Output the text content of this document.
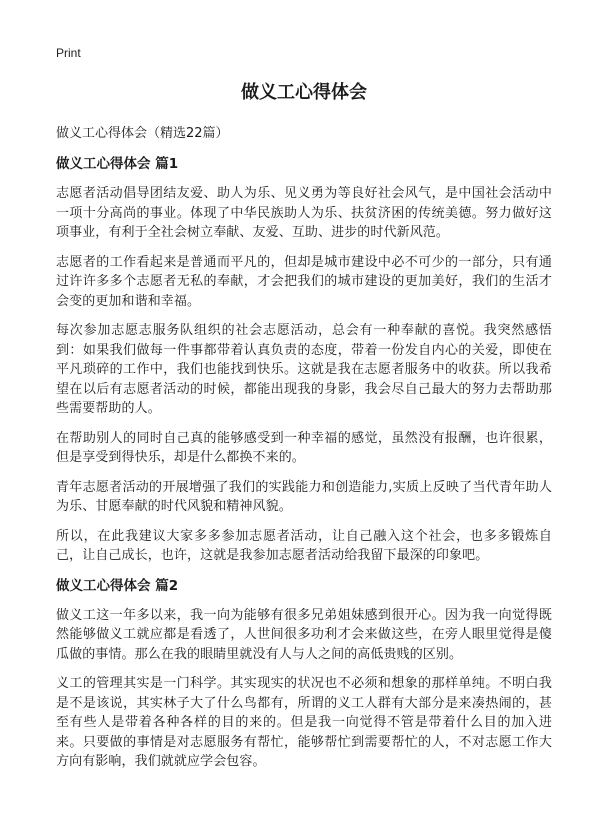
Print
做义工心得体会
做义工心得体会（精选22篇）
做义工心得体会 篇1

志愿者活动倡导团结友爱、助人为乐、见义勇为等良好社会风气，是中国社会活动中一项十分高尚的事业。体现了中华民族助人为乐、扶贫济困的传统美德。努力做好这项事业，有利于全社会树立奉献、友爱、互助、进步的时代新风范。

志愿者的工作看起来是普通而平凡的，但却是城市建设中必不可少的一部分，只有通过许许多多个志愿者无私的奉献，才会把我们的城市建设的更加美好，我们的生活才会变的更加和谐和幸福。

每次参加志愿志服务队组织的社会志愿活动，总会有一种奉献的喜悦。我突然感悟到：如果我们做每一件事都带着认真负责的态度，带着一份发自内心的关爱，即使在平凡琐碎的工作中，我们也能找到快乐。这就是我在志愿者服务中的收获。所以我希望在以后有志愿者活动的时候，都能出现我的身影，我会尽自己最大的努力去帮助那些需要帮助的人。

在帮助别人的同时自己真的能够感受到一种幸福的感觉，虽然没有报酬，也许很累，但是享受到得快乐，却是什么都换不来的。

青年志愿者活动的开展增强了我们的实践能力和创造能力,实质上反映了当代青年助人为乐、甘愿奉献的时代风貌和精神风貌。

所以，在此我建议大家多多参加志愿者活动，让自己融入这个社会，也多多锻炼自己，让自己成长，也许，这就是我参加志愿者活动给我留下最深的印象吧。

做义工心得体会 篇2

做义工这一年多以来，我一向为能够有很多兄弟姐妹感到很开心。因为我一向觉得既然能够做义工就应都是看透了，人世间很多功利才会来做这些，在旁人眼里觉得是傻瓜做的事情。那么在我的眼睛里就没有人与人之间的高低贵贱的区别。

义工的管理其实是一门科学。其实现实的状况也不必须和想象的那样单纯。不明白我是不是该说，其实林子大了什么鸟都有，所谓的义工人群有大部分是来凑热闹的，甚至有些人是带着各种各样的目的来的。但是我一向觉得不管是带着什么目的加入进来。只要做的事情是对志愿服务有帮忙，能够帮忙到需要帮忙的人，不对志愿工作大方向有影响，我们就就应学会包容。
